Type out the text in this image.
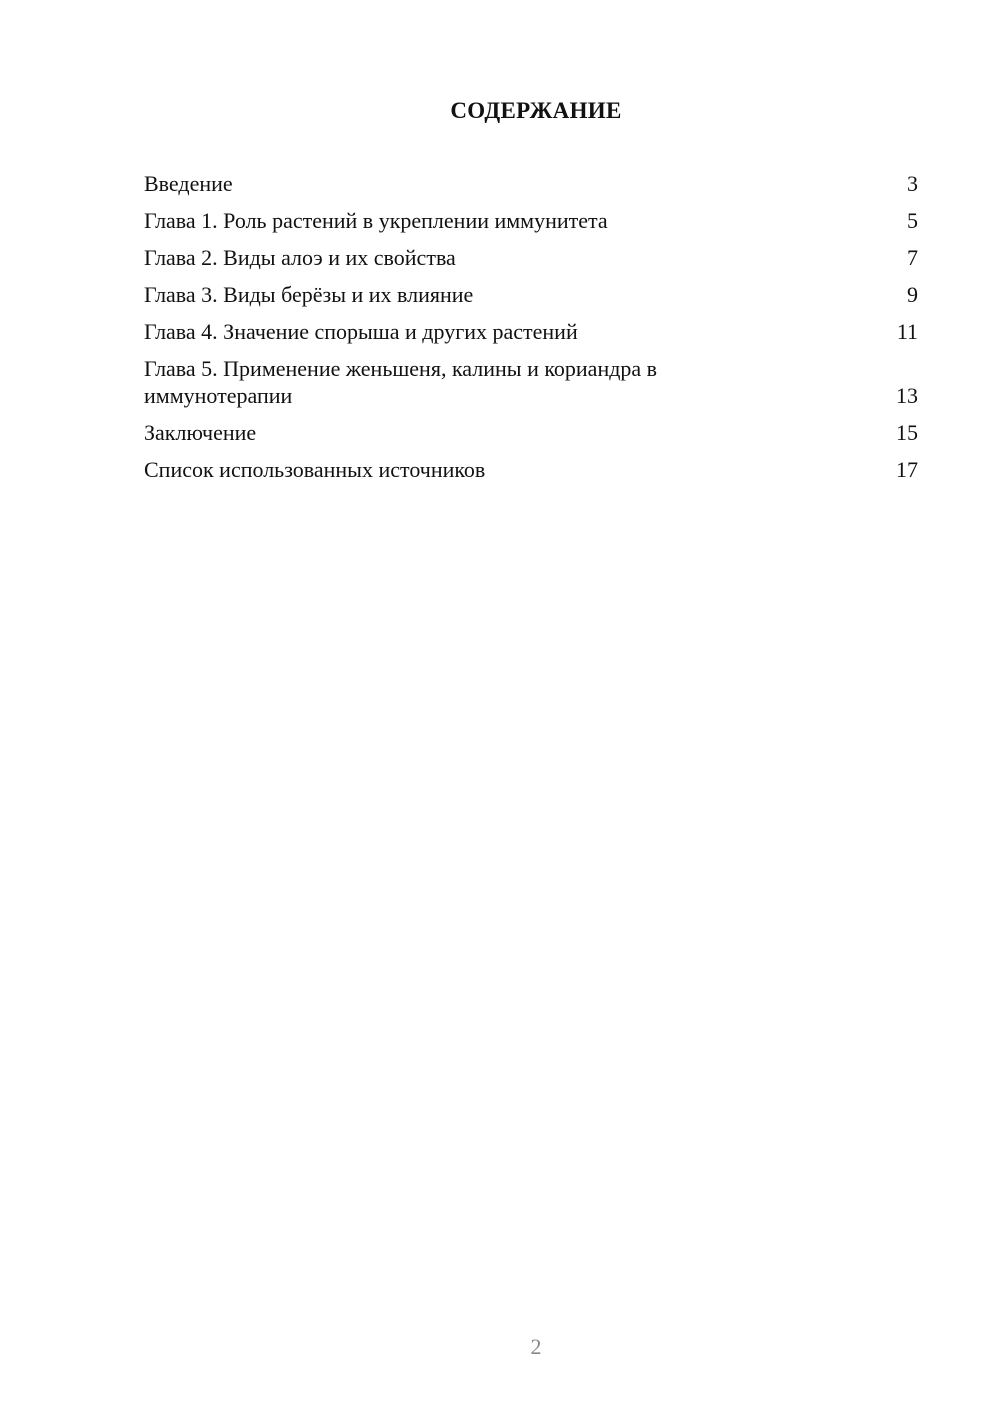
СОДЕРЖАНИЕ
Введение	3
Глава 1. Роль растений в укреплении иммунитета	5
Глава 2. Виды алоэ и их свойства	7
Глава 3. Виды берёзы и их влияние	9
Глава 4. Значение спорыша и других растений	11
Глава 5. Применение женьшеня, калины и кориандра в иммунотерапии	13
Заключение	15
Список использованных источников	17
2
